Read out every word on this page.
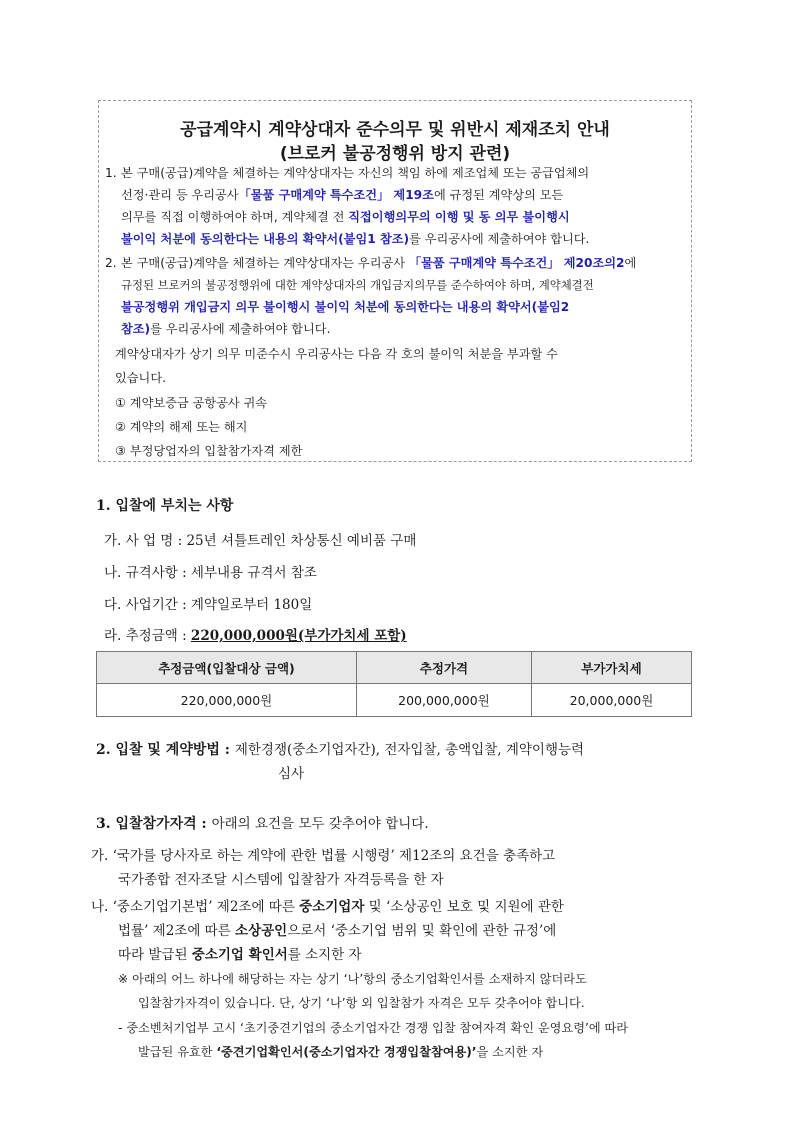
공급계약시 계약상대자 준수의무 및 위반시 제재조치 안내
(브로커 불공정행위 방지 관련)
1. 본 구매(공급)계약을 체결하는 계약상대자는 자신의 책임 하에 제조업체 또는 공급업체의
선정·관리 등 우리공사「물품 구매계약 특수조건」 제19조에 규정된 계약상의 모든
의무를 직접 이행하여야 하며, 계약체결 전 직접이행의무의 이행 및 동 의무 불이행시
불이익 처분에 동의한다는 내용의 확약서(붙임1 참조)를 우리공사에 제출하여야 합니다.
2. 본 구매(공급)계약을 체결하는 계약상대자는 우리공사 「물품 구매계약 특수조건」 제20조의2에
규정된 브로커의 불공정행위에 대한 계약상대자의 개입금지의무를 준수하여야 하며, 계약체결전
불공정행위 개입금지 의무 불이행시 불이익 처분에 동의한다는 내용의 확약서(붙임2
참조)를 우리공사에 제출하여야 합니다.
계약상대자가 상기 의무 미준수시 우리공사는 다음 각 호의 불이익 처분을 부과할 수
있습니다.
① 계약보증금 공항공사 귀속
② 계약의 해제 또는 해지
③ 부정당업자의 입찰참가자격 제한
1. 입찰에 부치는 사항
가. 사 업 명 : 25년 셔틀트레인 차상통신 예비품 구매
나. 규격사항 : 세부내용 규격서 참조
다. 사업기간 : 계약일로부터 180일
라. 추정금액 : 220,000,000원(부가가치세 포함)
추정금액(입찰대상 금액)	추정가격	부가가치세
220,000,000원	200,000,000원	20,000,000원
2. 입찰 및 계약방법 : 제한경쟁(중소기업자간), 전자입찰, 총액입찰, 계약이행능력
심사
3. 입찰참가자격 : 아래의 요건을 모두 갖추어야 합니다.
가. ‘국가를 당사자로 하는 계약에 관한 법률 시행령’ 제12조의 요건을 충족하고
국가종합 전자조달 시스템에 입찰참가 자격등록을 한 자
나. ‘중소기업기본법’ 제2조에 따른 중소기업자 및 ‘소상공인 보호 및 지원에 관한
법률’ 제2조에 따른 소상공인으로서 ‘중소기업 범위 및 확인에 관한 규정’에
따라 발급된 중소기업 확인서를 소지한 자
※ 아래의 어느 하나에 해당하는 자는 상기 ‘나’항의 중소기업확인서를 소재하지 않더라도
입찰참가자격이 있습니다. 단, 상기 ‘나’항 외 입찰참가 자격은 모두 갖추어야 합니다.
- 중소벤처기업부 고시 ‘초기중견기업의 중소기업자간 경쟁 입찰 참여자격 확인 운영요령’에 따라
발급된 유효한 ‘중견기업확인서(중소기업자간 경쟁입찰참여용)’을 소지한 자
